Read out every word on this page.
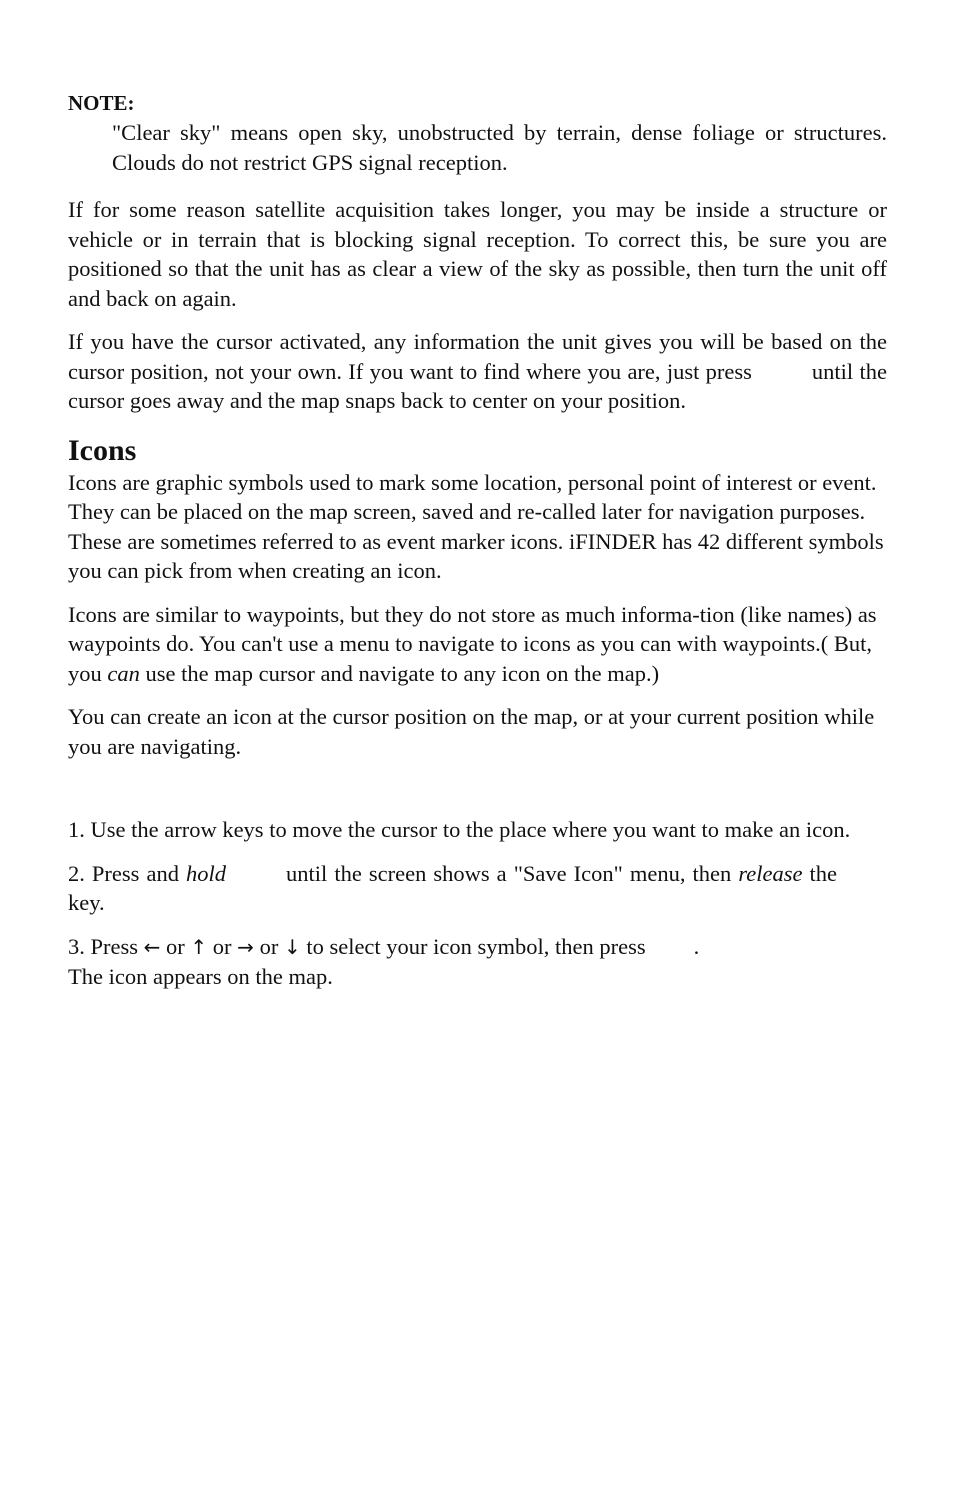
NOTE:

"Clear sky" means open sky, unobstructed by terrain, dense foliage or structures. Clouds do not restrict GPS signal reception.

If for some reason satellite acquisition takes longer, you may be inside a structure or vehicle or in terrain that is blocking signal reception. To correct this, be sure you are positioned so that the unit has as clear a view of the sky as possible, then turn the unit off and back on again.

If you have the cursor activated, any information the unit gives you will be based on the cursor position, not your own. If you want to find where you are, just press	until the cursor goes away and the map snaps back to center on your position.

Icons

Icons are graphic symbols used to mark some location, personal point of interest or event. They can be placed on the map screen, saved and re-called later for navigation purposes. These are sometimes referred to as event marker icons. iFINDER has 42 different symbols you can pick from when creating an icon.

Icons are similar to waypoints, but they do not store as much informa-tion (like names) as waypoints do. You can't use a menu to navigate to icons as you can with waypoints.( But, you can use the map cursor and navigate to any icon on the map.)

You can create an icon at the cursor position on the map, or at your current position while you are navigating.

1. Use the arrow keys to move the cursor to the place where you want to make an icon.

2. Press and hold	until the screen shows a "Save Icon" menu, then release thekey.

3. Press ← or ↑ or → or ↓ to select your icon symbol, then press .
The icon appears on the map.
